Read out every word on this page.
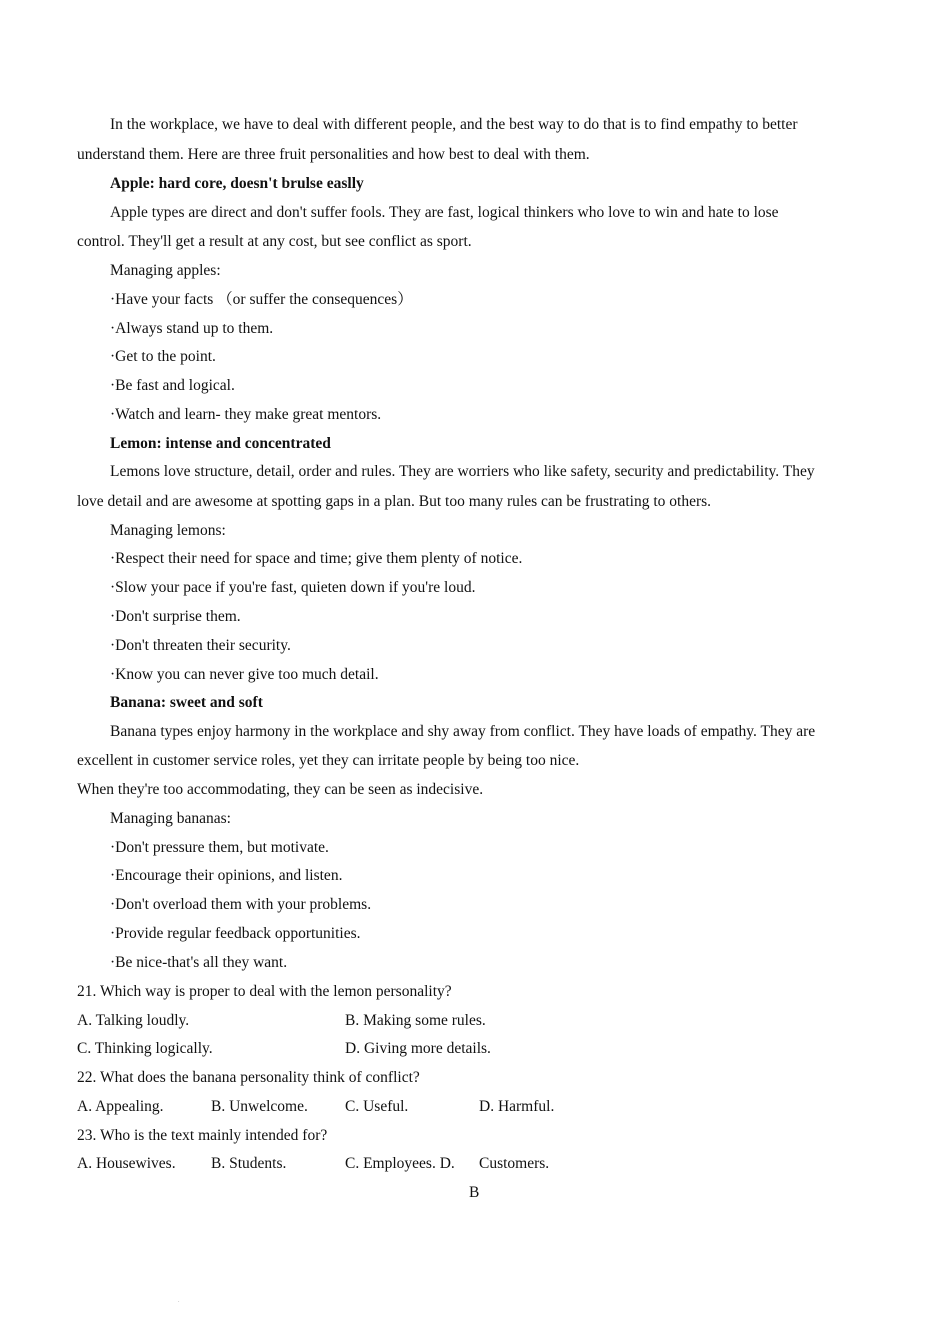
In the workplace, we have to deal with different people, and the best way to do that is to find empathy to better
understand them. Here are three fruit personalities and how best to deal with them.
Apple: hard core, doesn't brulse easlly
Apple types are direct and don't suffer fools. They are fast, logical thinkers who love to win and hate to lose
control. They'll get a result at any cost, but see conflict as sport.
Managing apples:
·Have your facts （or suffer the consequences）
·Always stand up to them.
·Get to the point.
·Be fast and logical.
·Watch and learn- they make great mentors.
Lemon: intense and concentrated
Lemons love structure, detail, order and rules. They are worriers who like safety, security and predictability. They
love detail and are awesome at spotting gaps in a plan. But too many rules can be frustrating to others.
Managing lemons:
·Respect their need for space and time; give them plenty of notice.
·Slow your pace if you're fast, quieten down if you're loud.
·Don't surprise them.
·Don't threaten their security.
·Know you can never give too much detail.
Banana: sweet and soft
Banana types enjoy harmony in the workplace and shy away from conflict. They have loads of empathy. They are
excellent in customer service roles, yet they can irritate people by being too nice.
When they're too accommodating, they can be seen as indecisive.
Managing bananas:
·Don't pressure them, but motivate.
·Encourage their opinions, and listen.
·Don't overload them with your problems.
·Provide regular feedback opportunities.
·Be nice-that's all they want.
21. Which way is proper to deal with the lemon personality?
A. Talking loudly.	B. Making some rules.
C. Thinking logically.	D. Giving more details.
22. What does the banana personality think of conflict?
A. Appealing.	B. Unwelcome. C. Useful.	D. Harmful.
23. Who is the text mainly intended for?
A. Housewives. B. Students.	C. Employees. D. Customers.
B
.
